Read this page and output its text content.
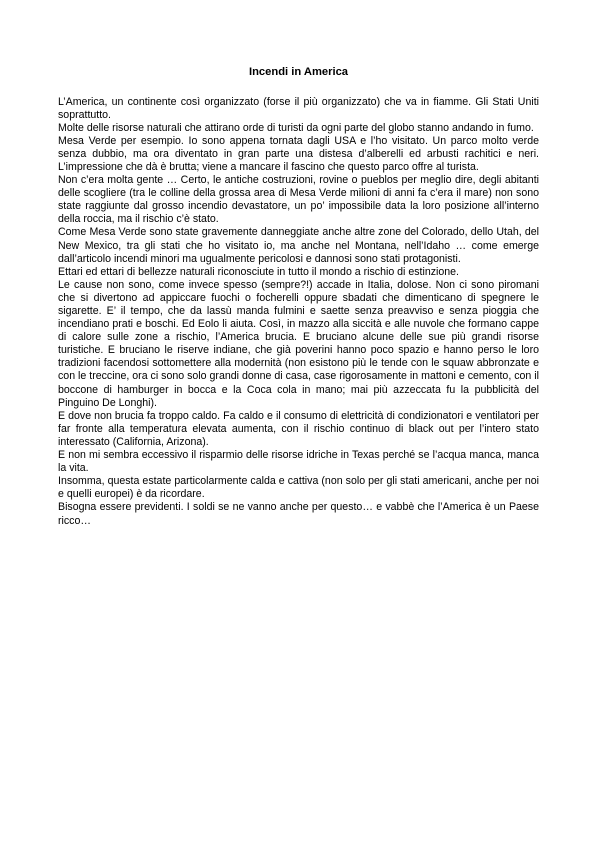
Incendi in America

L’America, un continente così organizzato (forse il più organizzato) che va in fiamme. Gli Stati Uniti soprattutto.

Molte delle risorse naturali che attirano orde di turisti da ogni parte del globo stanno andando in fumo.

Mesa Verde per esempio. Io sono appena tornata dagli USA e l’ho visitato. Un parco molto verde senza dubbio, ma ora diventato in gran parte una distesa d’alberelli ed arbusti rachitici e neri. L’impressione che dà è brutta; viene a mancare il fascino che questo parco offre al turista.

Non c’era molta gente … Certo, le antiche costruzioni, rovine o pueblos per meglio dire, degli abitanti delle scogliere (tra le colline della grossa area di Mesa Verde milioni di anni fa c’era il mare) non sono state raggiunte dal grosso incendio devastatore, un po’ impossibile data la loro posizione all’interno della roccia, ma il rischio c’è stato.

Come Mesa Verde sono state gravemente danneggiate anche altre zone del Colorado, dello Utah, del New Mexico, tra gli stati che ho visitato io, ma anche nel Montana, nell’Idaho … come emerge dall’articolo incendi minori ma ugualmente pericolosi e dannosi sono stati protagonisti.

Ettari ed ettari di bellezze naturali riconosciute in tutto il mondo a rischio di estinzione.

Le cause non sono, come invece spesso (sempre?!) accade in Italia, dolose. Non ci sono piromani che si divertono ad appiccare fuochi o focherelli oppure sbadati che dimenticano di spegnere le sigarette. E’ il tempo, che da lassù manda fulmini e saette senza preavviso e senza pioggia che incendiano prati e boschi. Ed Eolo li aiuta. Così, in mazzo alla siccità e alle nuvole che formano cappe di calore sulle zone a rischio, l’America brucia. E bruciano alcune delle sue più grandi risorse turistiche. E bruciano le riserve indiane, che già poverini hanno poco spazio e hanno perso le loro tradizioni facendosi sottomettere alla modernità (non esistono più le tende con le squaw abbronzate e con le treccine, ora ci sono solo grandi donne di casa, case rigorosamente in mattoni e cemento, con il boccone di hamburger in bocca e la Coca cola in mano; mai più azzeccata fu la pubblicità del Pinguino De Longhi).

E dove non brucia fa troppo caldo. Fa caldo e il consumo di elettricità di condizionatori e ventilatori per far fronte alla temperatura elevata aumenta, con il rischio continuo di black out per l’intero stato interessato (California, Arizona).

E non mi sembra eccessivo il risparmio delle risorse idriche in Texas perché se l’acqua manca, manca la vita.

Insomma, questa estate particolarmente calda e cattiva (non solo per gli stati americani, anche per noi e quelli europei) è da ricordare.

Bisogna essere previdenti. I soldi se ne vanno anche per questo… e vabbè che l’America è un Paese ricco…
